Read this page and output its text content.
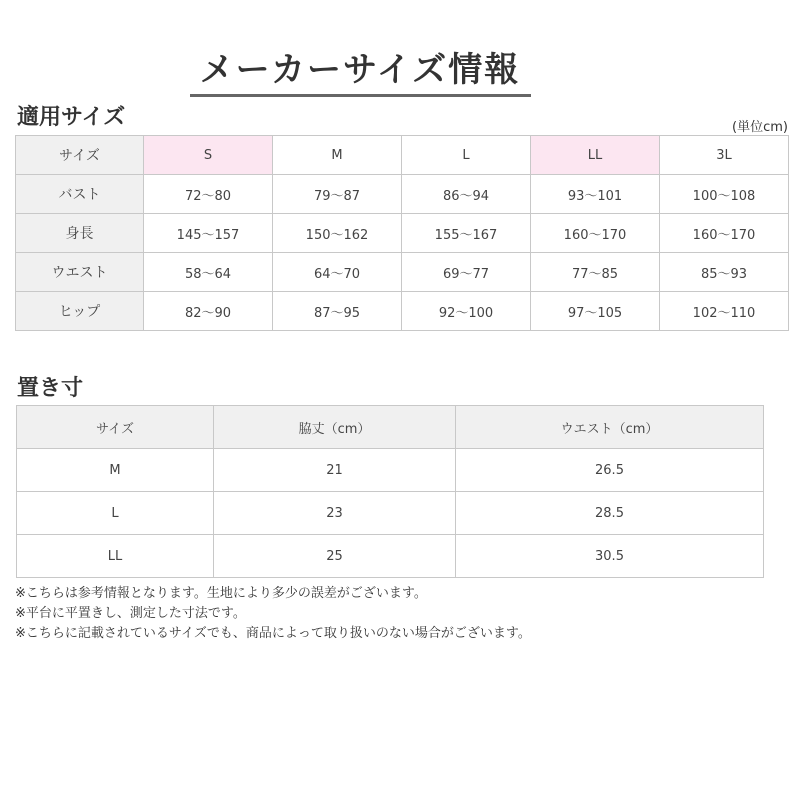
メーカーサイズ情報
適用サイズ	(単位cm)
サイズ	S	M	L	LL	3L
バスト	72〜80	79〜87	86〜94	93〜101	100〜108
身長	145〜157	150〜162	155〜167	160〜170	160〜170
ウエスト	58〜64	64〜70	69〜77	77〜85	85〜93
ヒップ	82〜90	87〜95	92〜100	97〜105	102〜110
置き寸
サイズ	脇丈（cm）	ウエスト（cm）
M	21	26.5
L	23	28.5
LL	25	30.5
※こちらは参考情報となります。生地により多少の誤差がございます。
※平台に平置きし、測定した寸法です。
※こちらに記載されているサイズでも、商品によって取り扱いのない場合がございます。
